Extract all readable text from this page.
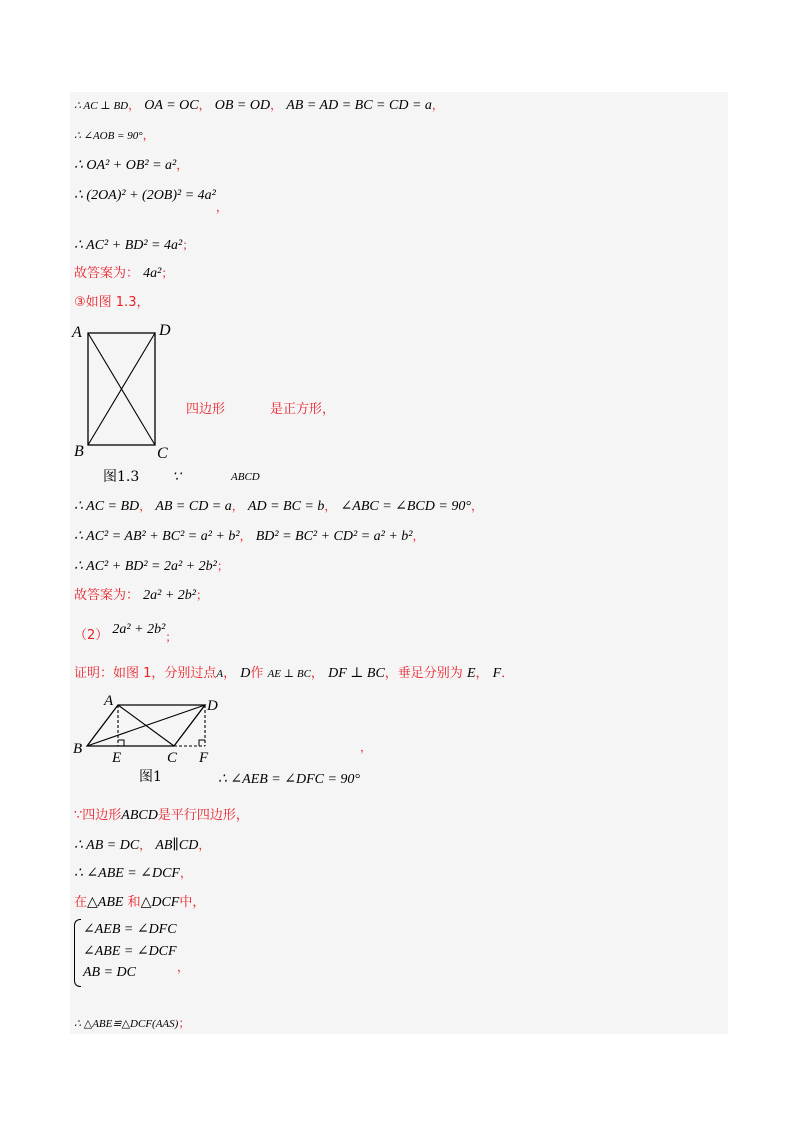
∴ AC ⊥ BD， OA = OC， OB = OD， AB = AD = BC = CD = a，
∴ ∠AOB = 90°，
∴ OA² + OB² = a²，
∴ (2OA)² + (2OB)² = 4a²，
∴ AC² + BD² = 4a²；
故答案为： 4a²；
③如图 1.3，
A	D
B	C
四边形	是正方形，
图1.3 ∵	ABCD
∴ AC = BD， AB = CD = a， AD = BC = b， ∠ABC = ∠BCD = 90°，
∴ AC² = AB² + BC² = a² + b²， BD² = BC² + CD² = a² + b²，
∴ AC² + BD² = 2a² + 2b²；
故答案为： 2a² + 2b²；
（2） 2a² + 2b²；
证明：如图 1，分别过点A， D作 AE ⊥ BC， DF ⊥ BC，垂足分别为 E， F．
A	D
B
E	C F
，
图1	∴ ∠AEB = ∠DFC = 90°
∵四边形ABCD是平行四边形，
∴ AB = DC， AB∥CD，
∴ ∠ABE = ∠DCF，
在△ABE 和△DCF中，
∠AEB = ∠DFC
∠ABE = ∠DCF
AB = DC	，
∴ △ABE≌△DCF(AAS)；
